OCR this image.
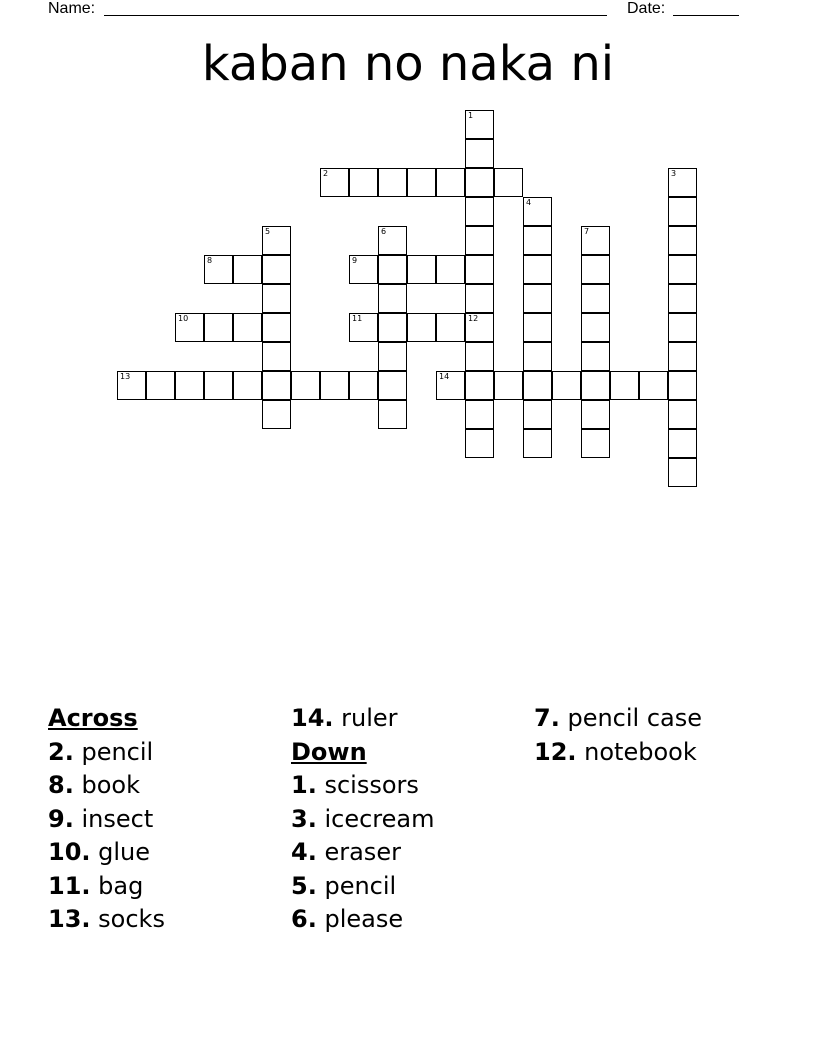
Name:	Date:
kaban no naka ni
2
8	9
10	11
13	14
1
3
4
5	6	7
12
Across
2. pencil
8. book
9. insect
10. glue
11. bag
13. socks
14. ruler
Down
1. scissors
3. icecream
4. eraser
5. pencil
6. please
7. pencil case
12. notebook
